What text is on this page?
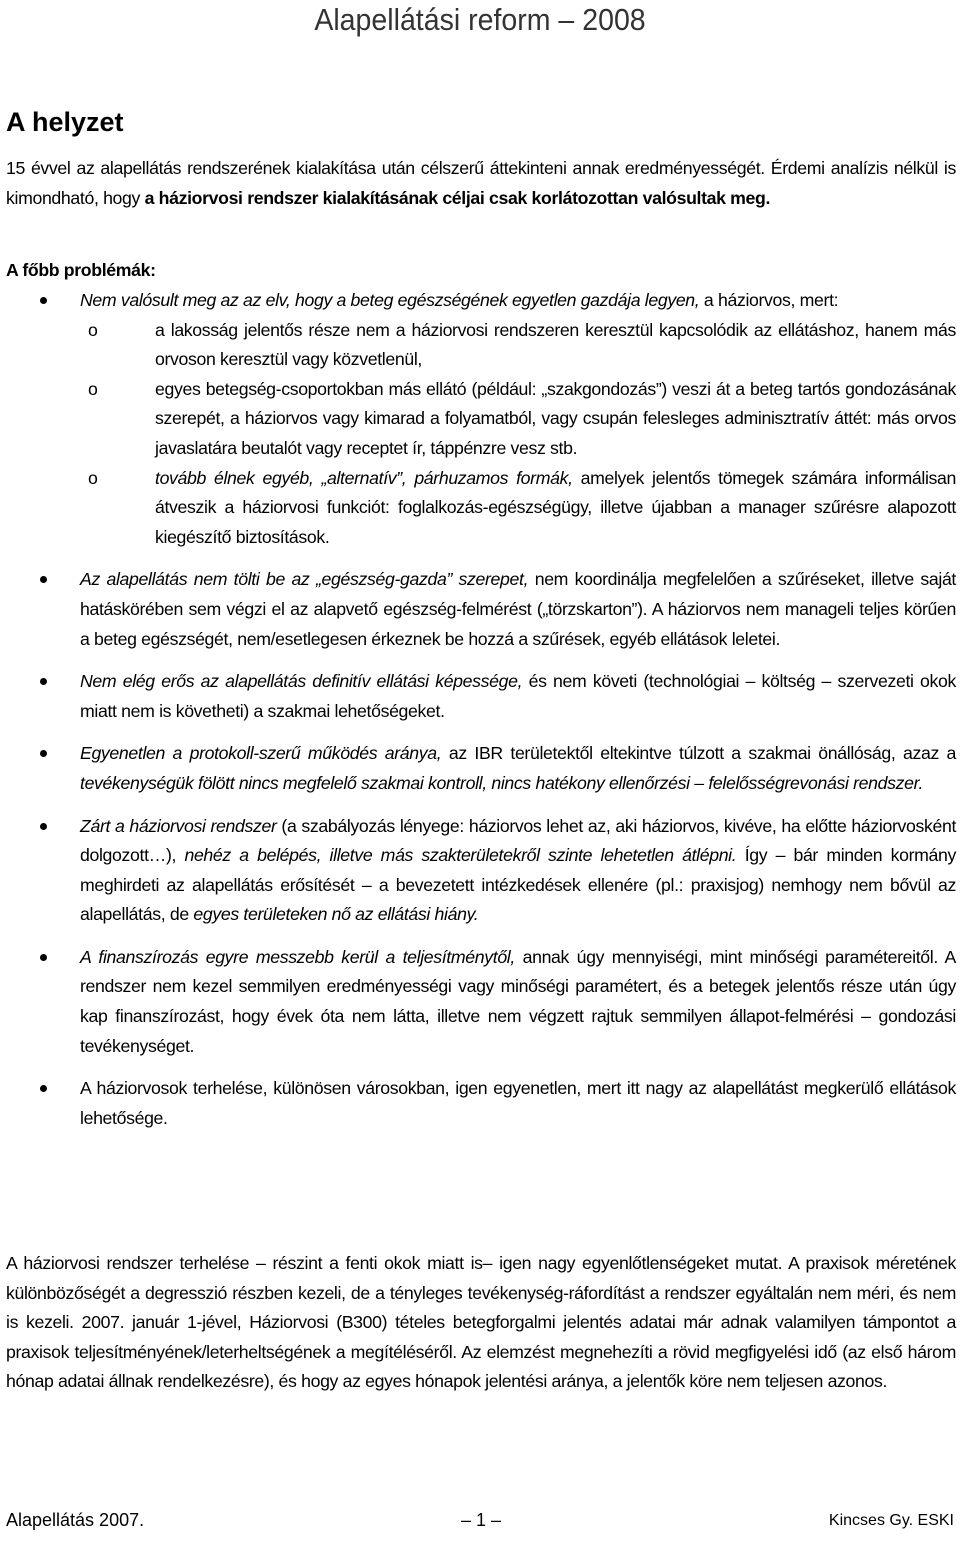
Alapellátási reform – 2008
A helyzet

15 évvel az alapellátás rendszerének kialakítása után célszerű áttekinteni annak eredményességét. Érdemi analízis nélkül is kimondható, hogy a háziorvosi rendszer kialakításának céljai csak korlátozottan valósultak meg.

A főbb problémák:

Nem valósult meg az az elv, hogy a beteg egészségének egyetlen gazdája legyen, a háziorvos, mert:
o a lakosság jelentős része nem a háziorvosi rendszeren keresztül kapcsolódik az ellátáshoz, hanem más orvoson keresztül vagy közvetlenül,
o egyes betegség-csoportokban más ellátó (például: „szakgondozás”) veszi át a beteg tartós gondozásának szerepét, a háziorvos vagy kimarad a folyamatból, vagy csupán felesleges adminisztratív áttét: más orvos javaslatára beutalót vagy receptet ír, táppénzre vesz stb.
o tovább élnek egyéb, „alternatív”, párhuzamos formák, amelyek jelentős tömegek számára informálisan átveszik a háziorvosi funkciót: foglalkozás-egészségügy, illetve újabban a manager szűrésre alapozott kiegészítő biztosítások.
Az alapellátás nem tölti be az „egészség-gazda” szerepet, nem koordinálja megfelelően a szűréseket, illetve saját hatáskörében sem végzi el az alapvető egészség-felmérést („törzskarton”). A háziorvos nem manageli teljes körűen a beteg egészségét, nem/esetlegesen érkeznek be hozzá a szűrések, egyéb ellátások leletei.
Nem elég erős az alapellátás definitív ellátási képessége, és nem követi (technológiai – költség – szervezeti okok miatt nem is követheti) a szakmai lehetőségeket.
Egyenetlen a protokoll-szerű működés aránya, az IBR területektől eltekintve túlzott a szakmai önállóság, azaz a tevékenységük fölött nincs megfelelő szakmai kontroll, nincs hatékony ellenőrzési – felelősségrevonási rendszer.
Zárt a háziorvosi rendszer (a szabályozás lényege: háziorvos lehet az, aki háziorvos, kivéve, ha előtte háziorvosként dolgozott…), nehéz a belépés, illetve más szakterületekről szinte lehetetlen átlépni. Így – bár minden kormány meghirdeti az alapellátás erősítését – a bevezetett intézkedések ellenére (pl.: praxisjog) nemhogy nem bővül az alapellátás, de egyes területeken nő az ellátási hiány.
A finanszírozás egyre messzebb kerül a teljesítménytől, annak úgy mennyiségi, mint minőségi paramétereitől. A rendszer nem kezel semmilyen eredményességi vagy minőségi paramétert, és a betegek jelentős része után úgy kap finanszírozást, hogy évek óta nem látta, illetve nem végzett rajtuk semmilyen állapot-felmérési – gondozási tevékenységet.
A háziorvosok terhelése, különösen városokban, igen egyenetlen, mert itt nagy az alapellátást megkerülő ellátások lehetősége.

A háziorvosi rendszer terhelése – részint a fenti okok miatt is– igen nagy egyenlőtlenségeket mutat. A praxisok méretének különbözőségét a degresszió részben kezeli, de a tényleges tevékenység-ráfordítást a rendszer egyáltalán nem méri, és nem is kezeli. 2007. január 1-jével, Háziorvosi (B300) tételes betegforgalmi jelentés adatai már adnak valamilyen támpontot a praxisok teljesítményének/leterheltségének a megítéléséről. Az elemzést megnehezíti a rövid megfigyelési idő (az első három hónap adatai állnak rendelkezésre), és hogy az egyes hónapok jelentési aránya, a jelentők köre nem teljesen azonos.

Alapellátás 2007.	– 1 –	Kincses Gy. ESKI
